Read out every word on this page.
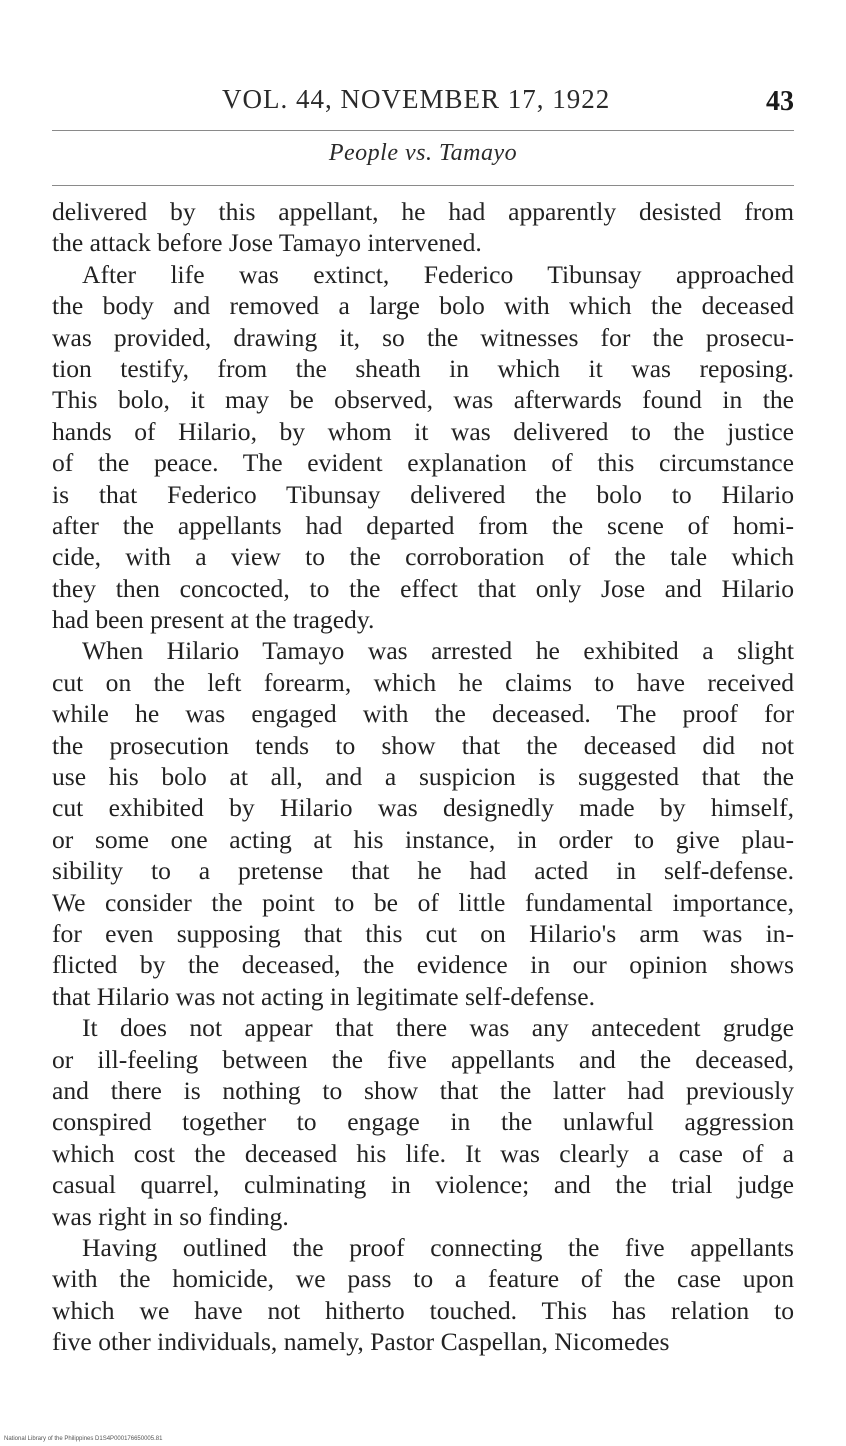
VOL. 44, NOVEMBER 17, 1922	43
People vs. Tamayo
delivered by this appellant, he had apparently desisted from
the attack before Jose Tamayo intervened.
After life was extinct, Federico Tibunsay approached
the body and removed a large bolo with which the deceased
was provided, drawing it, so the witnesses for the prosecu-
tion testify, from the sheath in which it was reposing.
This bolo, it may be observed, was afterwards found in the
hands of Hilario, by whom it was delivered to the justice
of the peace. The evident explanation of this circumstance
is that Federico Tibunsay delivered the bolo to Hilario
after the appellants had departed from the scene of homi-
cide, with a view to the corroboration of the tale which
they then concocted, to the effect that only Jose and Hilario
had been present at the tragedy.
When Hilario Tamayo was arrested he exhibited a slight
cut on the left forearm, which he claims to have received
while he was engaged with the deceased. The proof for
the prosecution tends to show that the deceased did not
use his bolo at all, and a suspicion is suggested that the
cut exhibited by Hilario was designedly made by himself,
or some one acting at his instance, in order to give plau-
sibility to a pretense that he had acted in self-defense.
We consider the point to be of little fundamental importance,
for even supposing that this cut on Hilario's arm was in-
flicted by the deceased, the evidence in our opinion shows
that Hilario was not acting in legitimate self-defense.
It does not appear that there was any antecedent grudge
or ill-feeling between the five appellants and the deceased,
and there is nothing to show that the latter had previously
conspired together to engage in the unlawful aggression
which cost the deceased his life. It was clearly a case of a
casual quarrel, culminating in violence; and the trial judge
was right in so finding.
Having outlined the proof connecting the five appellants
with the homicide, we pass to a feature of the case upon
which we have not hitherto touched. This has relation to
five other individuals, namely, Pastor Caspellan, Nicomedes
National Library of the Philippines D1S4P000176650005.81
